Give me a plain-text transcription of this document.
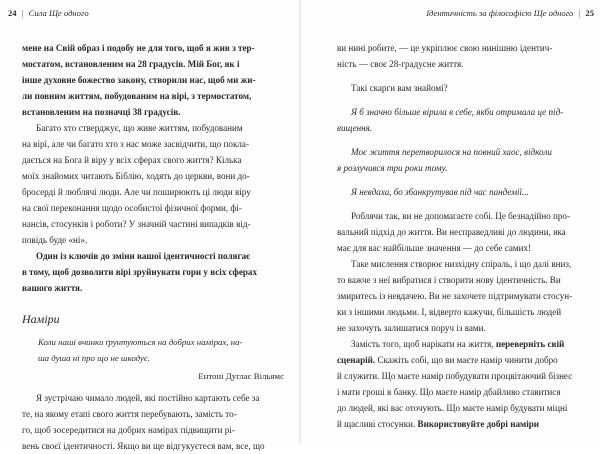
24 | Сила Ще одного
мене на Свій образ і подобу не для того, щоб я жив з тер-
мостатом, встановленим на 28 градусів. Мій Бог, як і
інше духовне божество закону, створили нас, щоб ми жи-
ли повним життям, побудованим на вірі, з термостатом,
встановленим на позначці 38 градусів.
Багато хто стверджує, що живе життям, побудованим
на вірі, але чи багато хто з нас може засвідчити, що покла-
дається на Бога й віру у всіх сферах свого життя? Кілька
моїх знайомих читають Біблію, ходять до церкви, вони до-
бросерді й люблячі люди. Але чи поширюють ці люди віру
на свої переконання щодо особистої фізичної форми, фі-
нансів, стосунків і роботи? У значній частині випадків від-
повідь буде «ні».
Один із ключів до зміни вашої ідентичності полягає
в тому, щоб дозволити вірі зруйнувати гори у всіх сферах
вашого життя.
Наміри

Коли наші вчинки ґрунтуються на добрих намірах, на-

ша душа ні про що не шкодує.

Ентоні Дуглас Вільямс
Я зустрічаю чимало людей, які постійно картають себе за
те, на якому етапі свого життя перебувають, замість то-
го, щоб зосередитися на добрих намірах підвищити рі-
вень своєї ідентичності. Якщо ви ще відгукуєтеся вам, все, що
Ідентичність за філософією Ще одного | 25
ви нині робите, — це укріплює свою нинішню ідентич-
ність — своє 28-градусне життя.
Такі скарги вам знайомі?
Я б значно більше вірила в себе, якби отримала це під-
вищення.
Моє життя перетворилося на повний хаос, відколи
я розлучився три роки тому.
Я невдаха, бо збанкрутував під час пандемії...
Роблячи так, ви не допомагаєте собі. Це безнадійно про-
вальний підхід до життя. Ви несправедливі до людини, яка
має для вас найбільше значення — до себе самих!
Таке мислення створює низхідну спіраль, і що далі вниз,
то важче з неї вибратися і створити нову ідентичність. Ви
змиритесь із невдачею. Ви не захочете підтримувати стосун-
ки з іншими людьми. І, відверто кажучи, більшість людей
не захочуть залишатися поруч із вами.
Замість того, щоб нарікати на життя, переверніть свій
сценарій. Скажіть собі, що ви маєте намір чинити добро
й служити. Що маєте намір побудувати процвітаючий бізнес
і мати гроші в банку. Що маєте намір дбайливо ставитися
до людей, які вас оточують. Що маєте намір будувати міцні
й щасливі стосунки. Використовуйте добрі наміри
